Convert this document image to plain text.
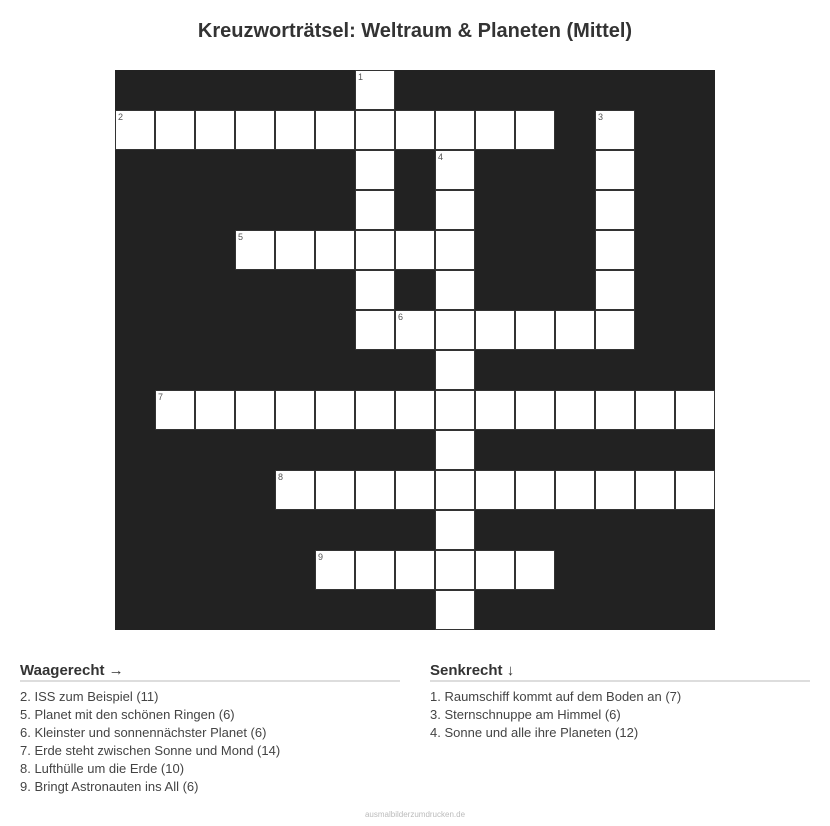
Kreuzworträtsel: Weltraum & Planeten (Mittel)
1
2	3
4
5
6
7
8
9
Waagerecht →
2. ISS zum Beispiel (11)
5. Planet mit den schönen Ringen (6)
6. Kleinster und sonnennächster Planet (6)
7. Erde steht zwischen Sonne und Mond (14)
8. Lufthülle um die Erde (10)
9. Bringt Astronauten ins All (6)
Senkrecht ↓
1. Raumschiff kommt auf dem Boden an (7)
3. Sternschnuppe am Himmel (6)
4. Sonne und alle ihre Planeten (12)
ausmalbilderzumdrucken.de
